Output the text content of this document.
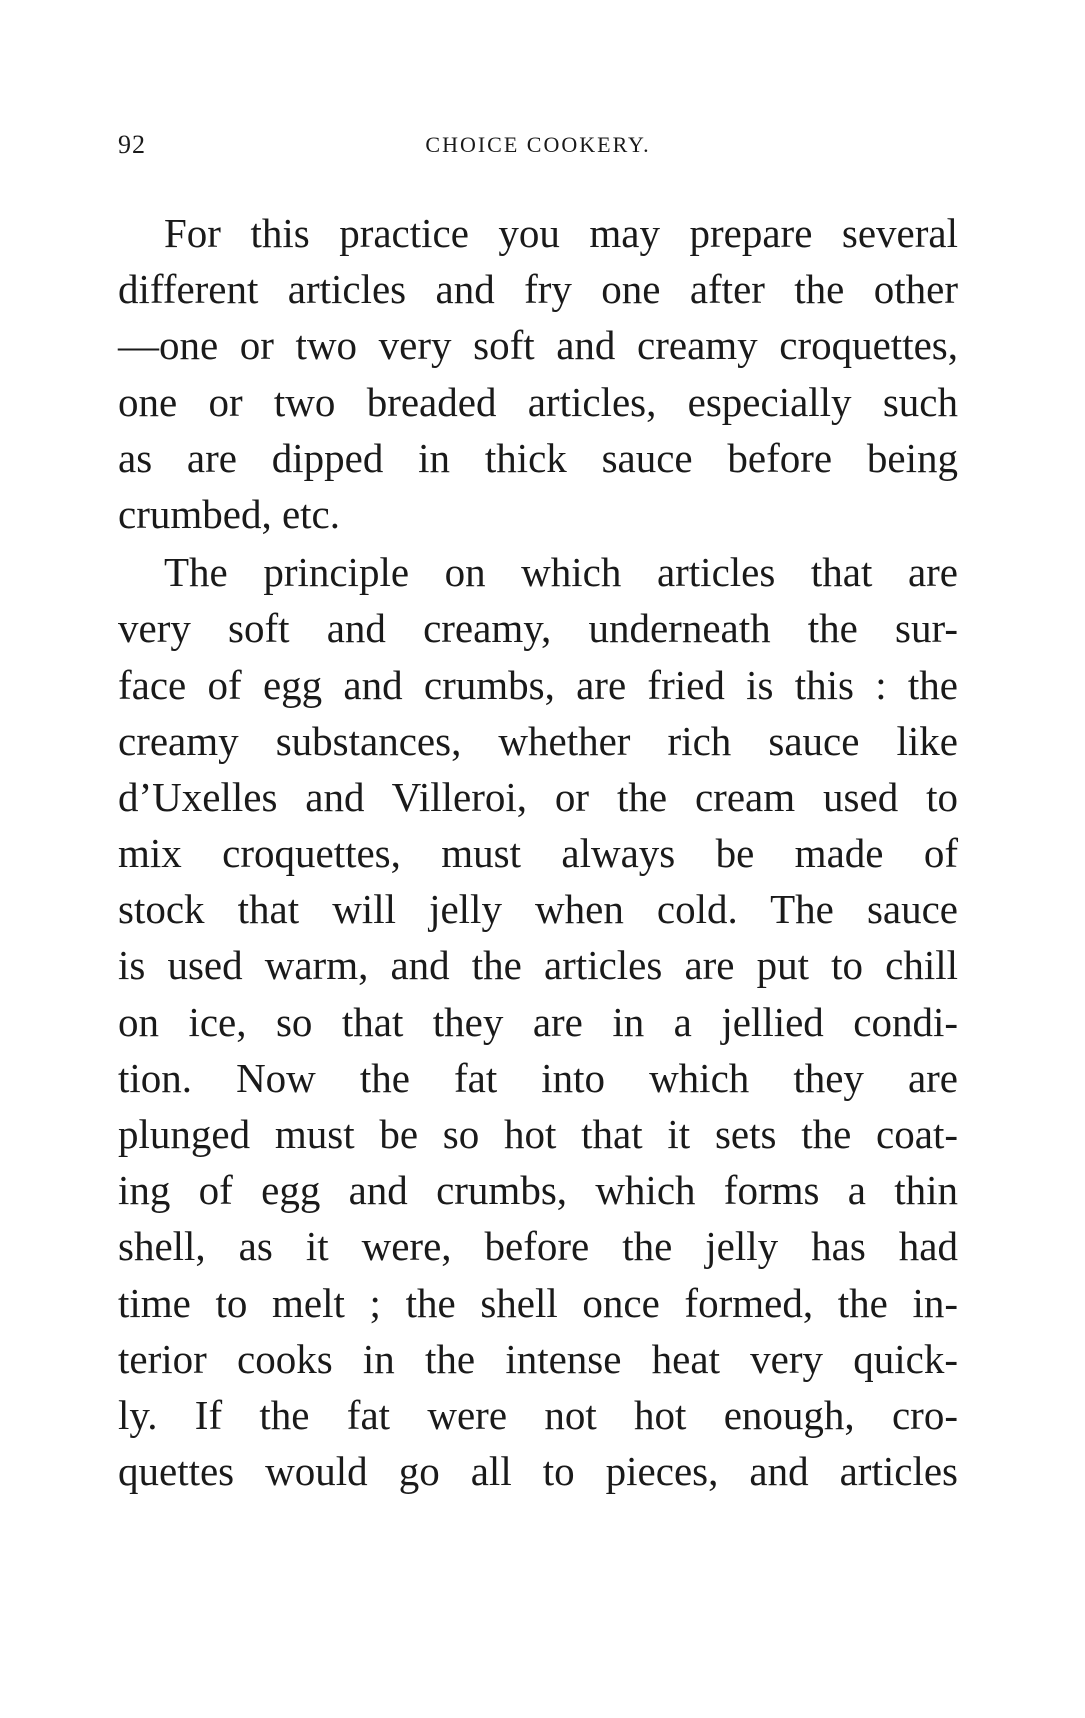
92	CHOICE COOKERY.
For this practice you may prepare several
different articles and fry one after the other
—one or two very soft and creamy croquettes,
one or two breaded articles, especially such
as are dipped in thick sauce before being
crumbed, etc.
The principle on which articles that are
very soft and creamy, underneath the sur-
face of egg and crumbs, are fried is this : the
creamy substances, whether rich sauce like
d’Uxelles and Villeroi, or the cream used to
mix croquettes, must always be made of
stock that will jelly when cold. The sauce
is used warm, and the articles are put to chill
on ice, so that they are in a jellied condi-
tion. Now the fat into which they are
plunged must be so hot that it sets the coat-
ing of egg and crumbs, which forms a thin
shell, as it were, before the jelly has had
time to melt ; the shell once formed, the in-
terior cooks in the intense heat very quick-
ly. If the fat were not hot enough, cro-
quettes would go all to pieces, and articles
